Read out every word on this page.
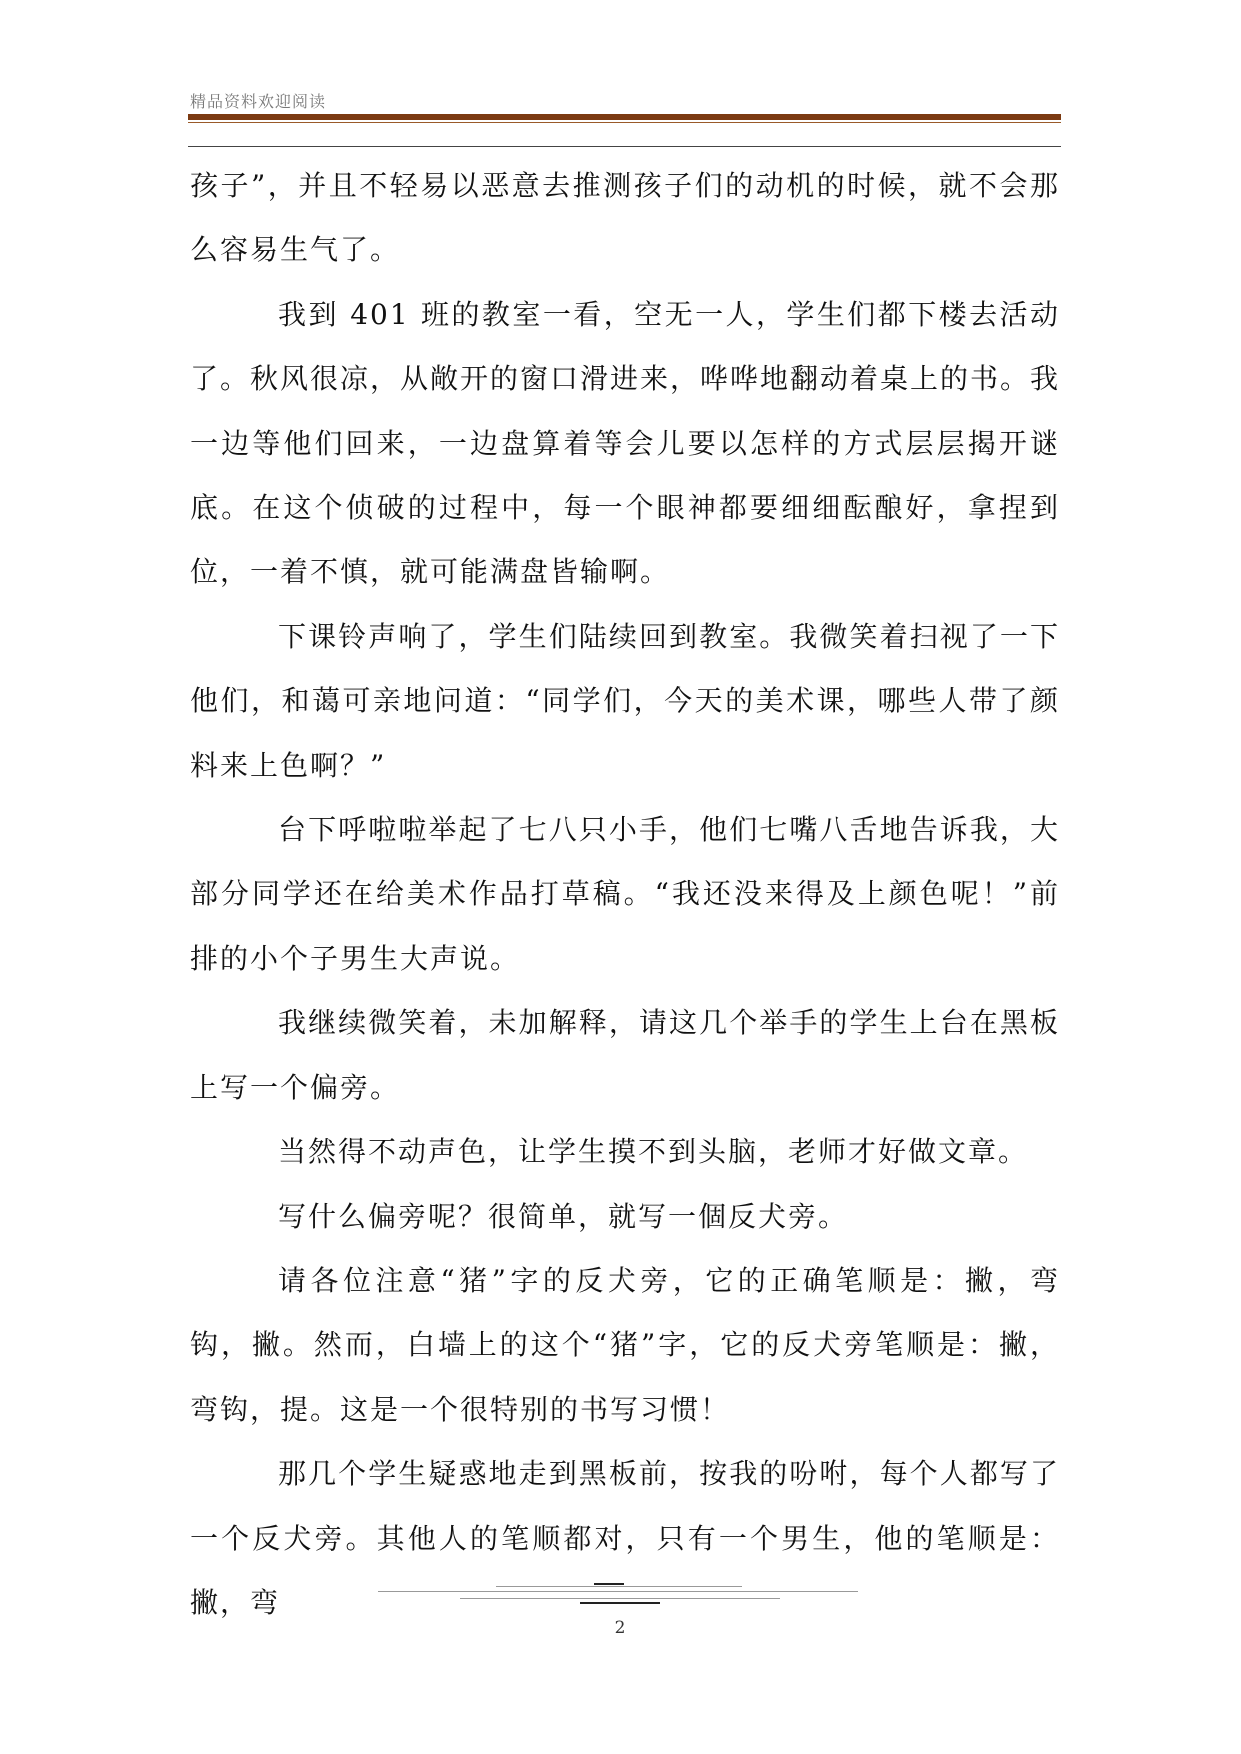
精品资料欢迎阅读

孩子”，并且不轻易以恶意去推测孩子们的动机的时候，就不会那么容易生气了。

我到 401 班的教室一看，空无一人，学生们都下楼去活动了。秋风很凉，从敞开的窗口滑进来，哗哗地翻动着桌上的书。我一边等他们回来，一边盘算着等会儿要以怎样的方式层层揭开谜底。在这个侦破的过程中，每一个眼神都要细细酝酿好，拿捏到位，一着不慎，就可能满盘皆输啊。

下课铃声响了，学生们陆续回到教室。我微笑着扫视了一下他们，和蔼可亲地问道：“同学们，今天的美术课，哪些人带了颜料来上色啊？”

台下呼啦啦举起了七八只小手，他们七嘴八舌地告诉我，大部分同学还在给美术作品打草稿。“我还没来得及上颜色呢！”前排的小个子男生大声说。

我继续微笑着，未加解释，请这几个举手的学生上台在黑板上写一个偏旁。

当然得不动声色，让学生摸不到头脑，老师才好做文章。

写什么偏旁呢？很简单，就写一個反犬旁。

请各位注意“猪”字的反犬旁，它的正确笔顺是：撇，弯钩，撇。然而，白墙上的这个“猪”字，它的反犬旁笔顺是：撇，弯钩，提。这是一个很特别的书写习惯！

那几个学生疑惑地走到黑板前，按我的吩咐，每个人都写了一个反犬旁。其他人的笔顺都对，只有一个男生，他的笔顺是：撇，弯

2
